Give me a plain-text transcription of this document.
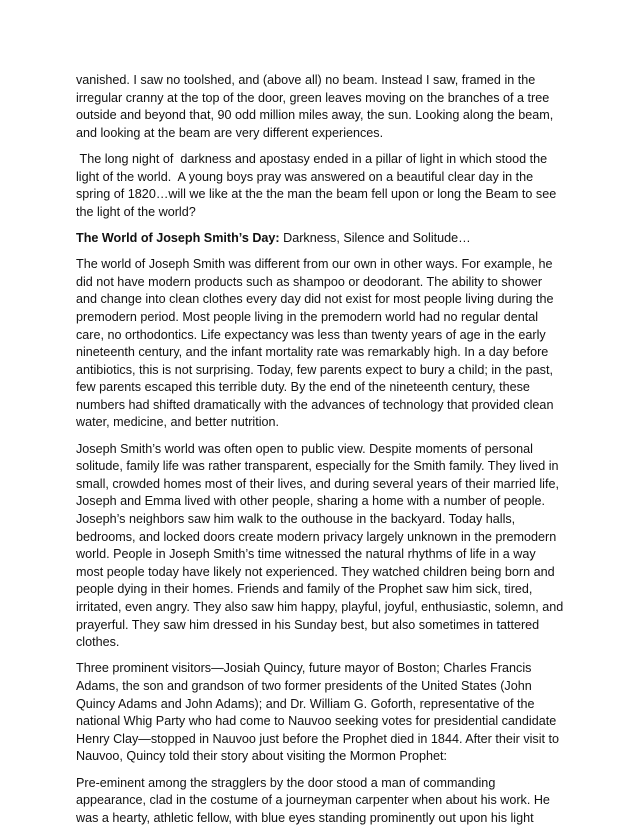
vanished. I saw no toolshed, and (above all) no beam. Instead I saw, framed in the irregular cranny at the top of the door, green leaves moving on the branches of a tree outside and beyond that, 90 odd million miles away, the sun. Looking along the beam, and looking at the beam are very different experiences.

The long night of  darkness and apostasy ended in a pillar of light in which stood the light of the world.  A young boys pray was answered on a beautiful clear day in the spring of 1820…will we like at the the man the beam fell upon or long the Beam to see the light of the world?

The World of Joseph Smith’s Day: Darkness, Silence and Solitude…

The world of Joseph Smith was different from our own in other ways. For example, he did not have modern products such as shampoo or deodorant. The ability to shower and change into clean clothes every day did not exist for most people living during the premodern period. Most people living in the premodern world had no regular dental care, no orthodontics. Life expectancy was less than twenty years of age in the early nineteenth century, and the infant mortality rate was remarkably high. In a day before antibiotics, this is not surprising. Today, few parents expect to bury a child; in the past, few parents escaped this terrible duty. By the end of the nineteenth century, these numbers had shifted dramatically with the advances of technology that provided clean water, medicine, and better nutrition.

Joseph Smith’s world was often open to public view. Despite moments of personal solitude, family life was rather transparent, especially for the Smith family. They lived in small, crowded homes most of their lives, and during several years of their married life, Joseph and Emma lived with other people, sharing a home with a number of people. Joseph’s neighbors saw him walk to the outhouse in the backyard. Today halls, bedrooms, and locked doors create modern privacy largely unknown in the premodern world. People in Joseph Smith’s time witnessed the natural rhythms of life in a way most people today have likely not experienced. They watched children being born and people dying in their homes. Friends and family of the Prophet saw him sick, tired, irritated, even angry. They also saw him happy, playful, joyful, enthusiastic, solemn, and prayerful. They saw him dressed in his Sunday best, but also sometimes in tattered clothes.

Three prominent visitors—Josiah Quincy, future mayor of Boston; Charles Francis Adams, the son and grandson of two former presidents of the United States (John Quincy Adams and John Adams); and Dr. William G. Goforth, representative of the national Whig Party who had come to Nauvoo seeking votes for presidential candidate Henry Clay—stopped in Nauvoo just before the Prophet died in 1844. After their visit to Nauvoo, Quincy told their story about visiting the Mormon Prophet:

Pre-eminent among the stragglers by the door stood a man of commanding appearance, clad in the costume of a journeyman carpenter when about his work. He was a hearty, athletic fellow, with blue eyes standing prominently out upon his light
